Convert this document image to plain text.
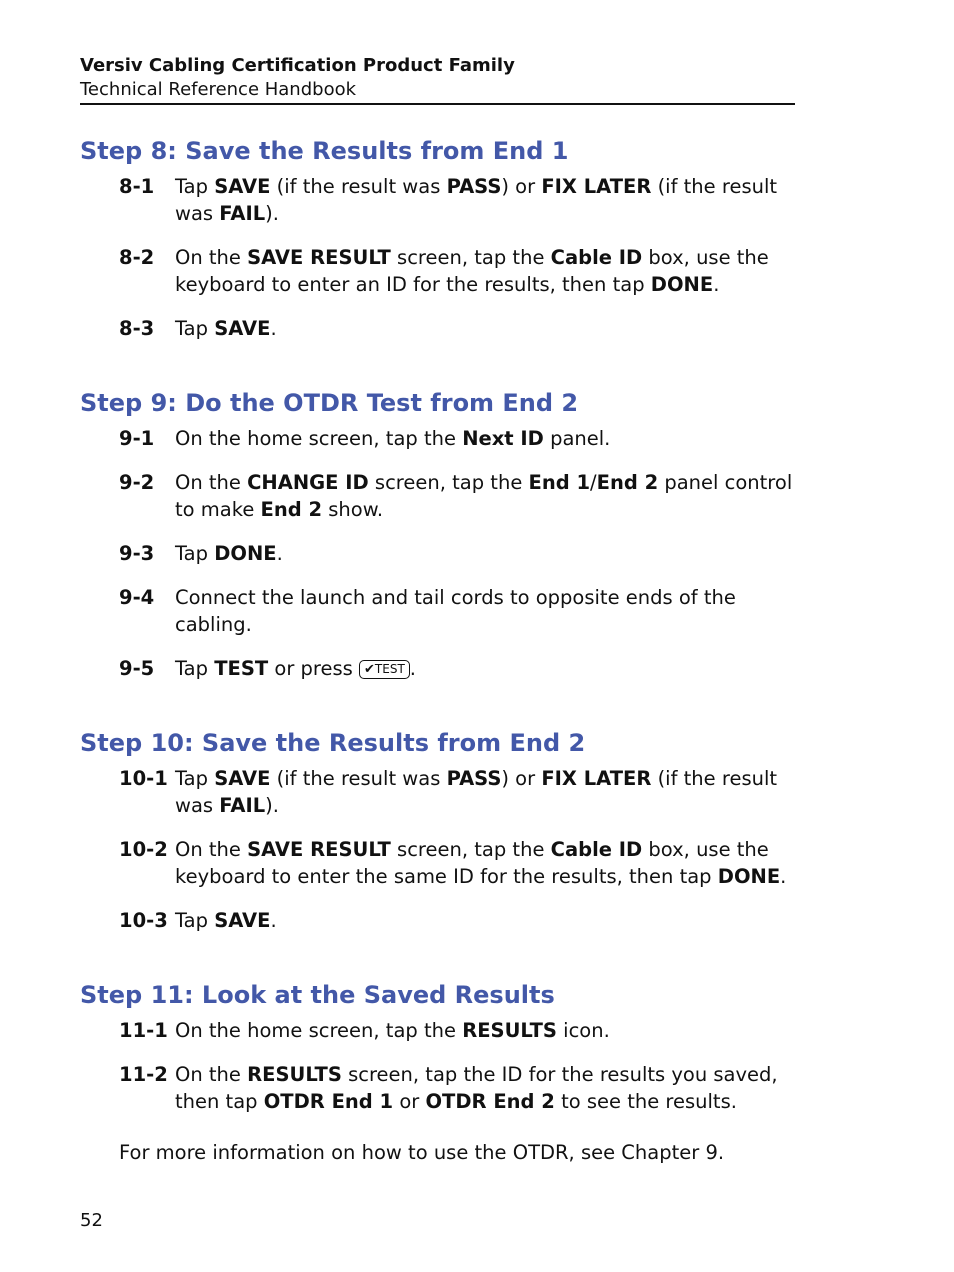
Versiv Cabling Certification Product Family
Technical Reference Handbook
Step 8: Save the Results from End 1
8-1	Tap SAVE (if the result was PASS) or FIX LATER (if the result was FAIL).
8-2	On the SAVE RESULT screen, tap the Cable ID box, use the keyboard to enter an ID for the results, then tap DONE.
8-3	Tap SAVE.
Step 9: Do the OTDR Test from End 2
9-1	On the home screen, tap the Next ID panel.
9-2	On the CHANGE ID screen, tap the End 1/End 2 panel control to make End 2 show.
9-3	Tap DONE.
9-4	Connect the launch and tail cords to opposite ends of the cabling.
9-5	Tap TEST or press ✔TEST .
Step 10: Save the Results from End 2
10-1 Tap SAVE (if the result was PASS) or FIX LATER (if the result was FAIL).
10-2 On the SAVE RESULT screen, tap the Cable ID box, use the keyboard to enter the same ID for the results, then tap DONE.
10-3 Tap SAVE.
Step 11: Look at the Saved Results
11-1 On the home screen, tap the RESULTS icon.
11-2 On the RESULTS screen, tap the ID for the results you saved, then tap OTDR End 1 or OTDR End 2 to see the results.
For more information on how to use the OTDR, see Chapter 9.
52
